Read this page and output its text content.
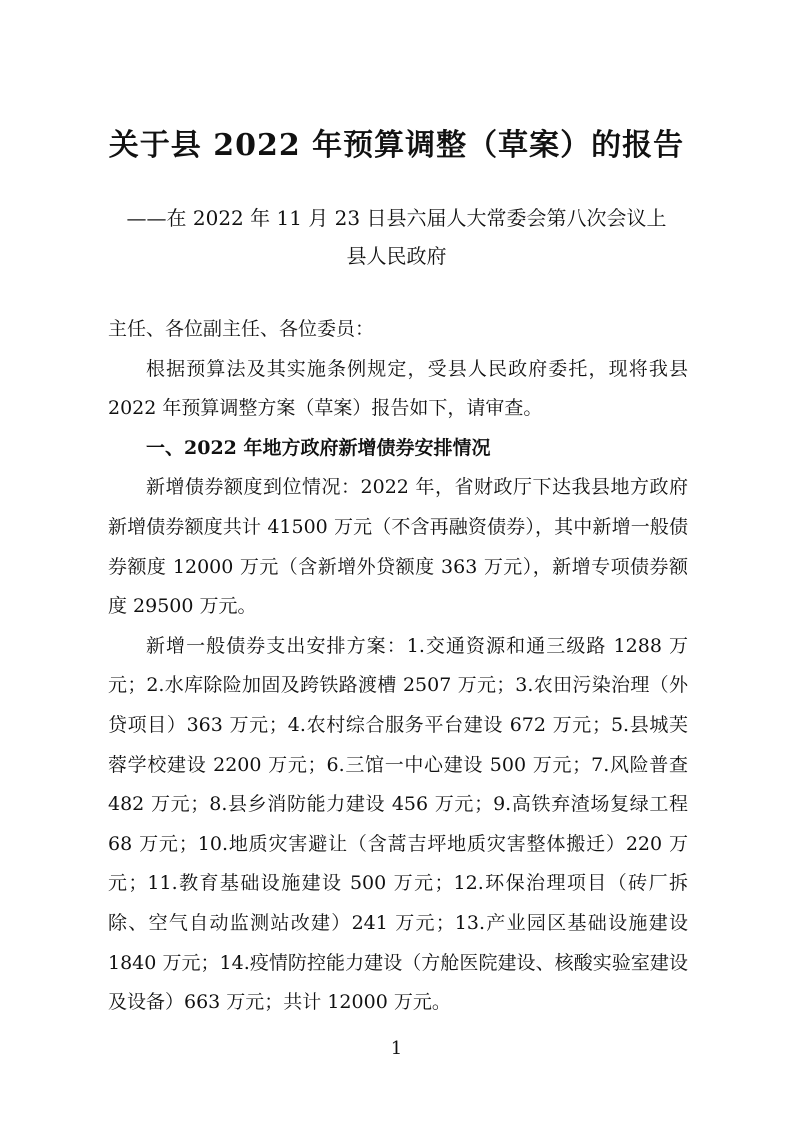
关于县 2022 年预算调整（草案）的报告
——在 2022 年 11 月 23 日县六届人大常委会第八次会议上
县人民政府

主任、各位副主任、各位委员：

根据预算法及其实施条例规定，受县人民政府委托，现将我县 2022 年预算调整方案（草案）报告如下，请审查。

一、2022 年地方政府新增债券安排情况

新增债券额度到位情况：2022 年，省财政厅下达我县地方政府新增债券额度共计 41500 万元（不含再融资债券），其中新增一般债券额度 12000 万元（含新增外贷额度 363 万元），新增专项债券额度 29500 万元。

新增一般债券支出安排方案：1.交通资源和通三级路 1288 万元；2.水库除险加固及跨铁路渡槽 2507 万元；3.农田污染治理（外贷项目）363 万元；4.农村综合服务平台建设 672 万元；5.县城芙蓉学校建设 2200 万元；6.三馆一中心建设 500 万元；7.风险普查 482 万元；8.县乡消防能力建设 456 万元；9.高铁弃渣场复绿工程 68 万元；10.地质灾害避让（含蒿吉坪地质灾害整体搬迁）220 万元；11.教育基础设施建设 500 万元；12.环保治理项目（砖厂拆除、空气自动监测站改建）241 万元；13.产业园区基础设施建设 1840 万元；14.疫情防控能力建设（方舱医院建设、核酸实验室建设及设备）663 万元；共计 12000 万元。

1
